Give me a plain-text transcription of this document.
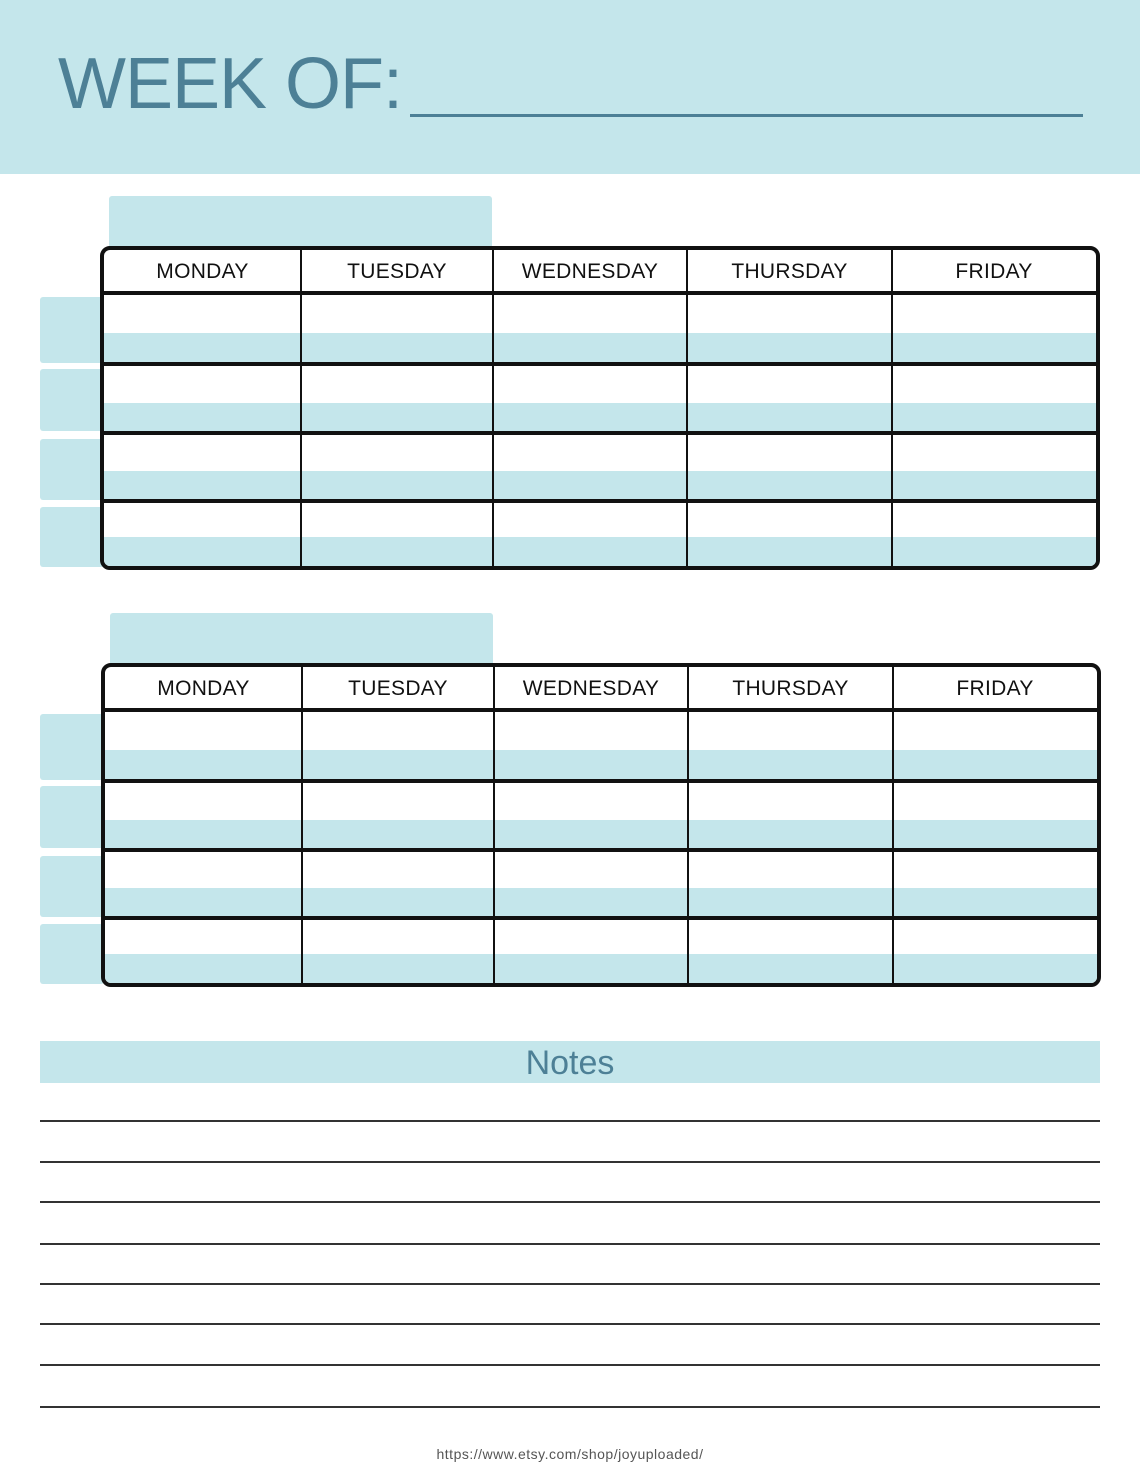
WEEK OF:
MONDAY	TUESDAY	WEDNESDAY	THURSDAY	FRIDAY
MONDAY	TUESDAY	WEDNESDAY	THURSDAY	FRIDAY
Notes
https://www.etsy.com/shop/joyuploaded/
